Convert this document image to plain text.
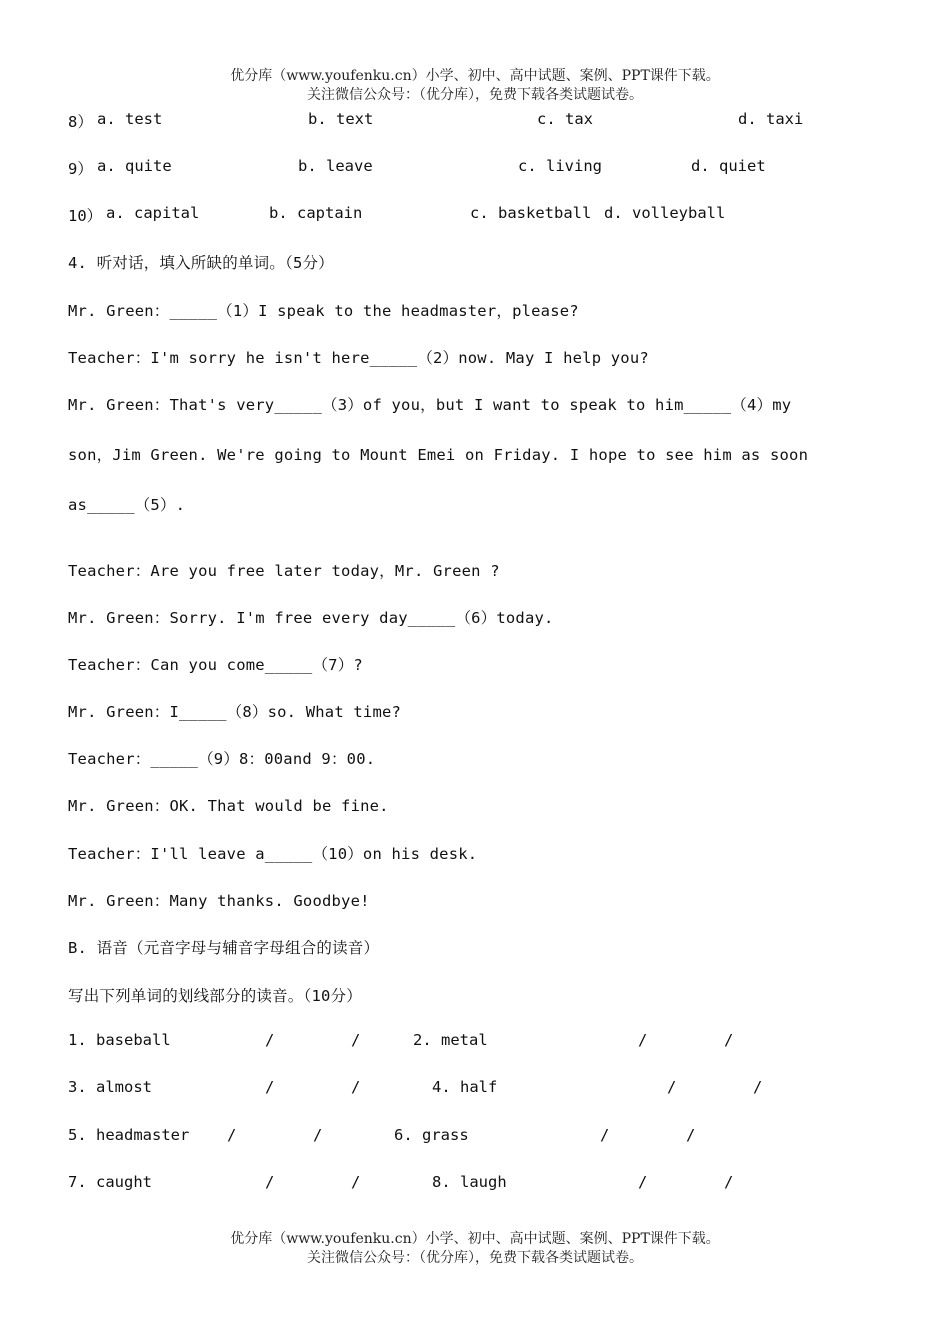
优分库（www.youfenku.cn）小学、初中、高中试题、案例、PPT课件下载。
关注微信公众号：（优分库），免费下载各类试题试卷。
8） a. test	b. text	c. tax	d. taxi
9） a. quite	b. leave	c. living	d. quiet
10） a. capital	b. captain	c. basketball d. volleyball
4. 听对话，填入所缺的单词。（5分）
Mr. Green：_____（1）I speak to the headmaster，please?
Teacher：I'm sorry he isn't here_____（2）now. May I help you?
Mr. Green：That's very_____（3）of you，but I want to speak to him_____（4）my
son，Jim Green. We're going to Mount Emei on Friday. I hope to see him as soon
as_____（5）.
Teacher：Are you free later today，Mr. Green ?
Mr. Green：Sorry. I'm free every day_____（6）today.
Teacher：Can you come_____（7）?
Mr. Green：I_____（8）so. What time?
Teacher：_____（9）8：00and 9：00.
Mr. Green：OK. That would be fine.
Teacher：I'll leave a_____（10）on his desk.
Mr. Green：Many thanks. Goodbye!
B. 语音（元音字母与辅音字母组合的读音）
写出下列单词的划线部分的读音。（10分）
1. baseball	/	/	2. metal	/	/
3. almost	/	/	4. half	/	/
5. headmaster /	/	6. grass	/	/
7. caught	/	/	8. laugh	/	/
优分库（www.youfenku.cn）小学、初中、高中试题、案例、PPT课件下载。
关注微信公众号：（优分库），免费下载各类试题试卷。
